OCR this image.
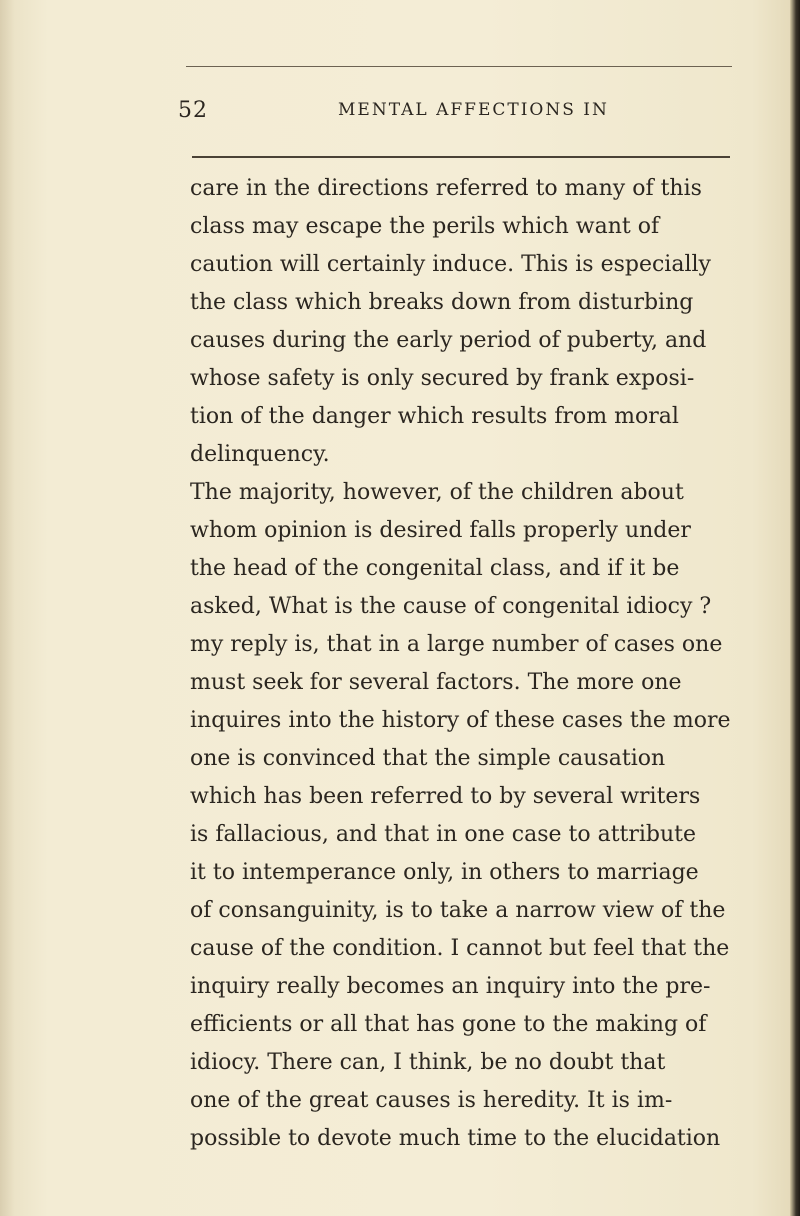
52	MENTAL AFFECTIONS IN
care in the directions referred to many of this
class may escape the perils which want of
caution will certainly induce. This is especially
the class which breaks down from disturbing
causes during the early period of puberty, and
whose safety is only secured by frank exposi-
tion of the danger which results from moral
delinquency.
The majority, however, of the children about
whom opinion is desired falls properly under
the head of the congenital class, and if it be
asked, What is the cause of congenital idiocy ?
my reply is, that in a large number of cases one
must seek for several factors. The more one
inquires into the history of these cases the more
one is convinced that the simple causation
which has been referred to by several writers
is fallacious, and that in one case to attribute
it to intemperance only, in others to marriage
of consanguinity, is to take a narrow view of the
cause of the condition. I cannot but feel that the
inquiry really becomes an inquiry into the pre-
efficients or all that has gone to the making of
idiocy. There can, I think, be no doubt that
one of the great causes is heredity. It is im-
possible to devote much time to the elucidation
